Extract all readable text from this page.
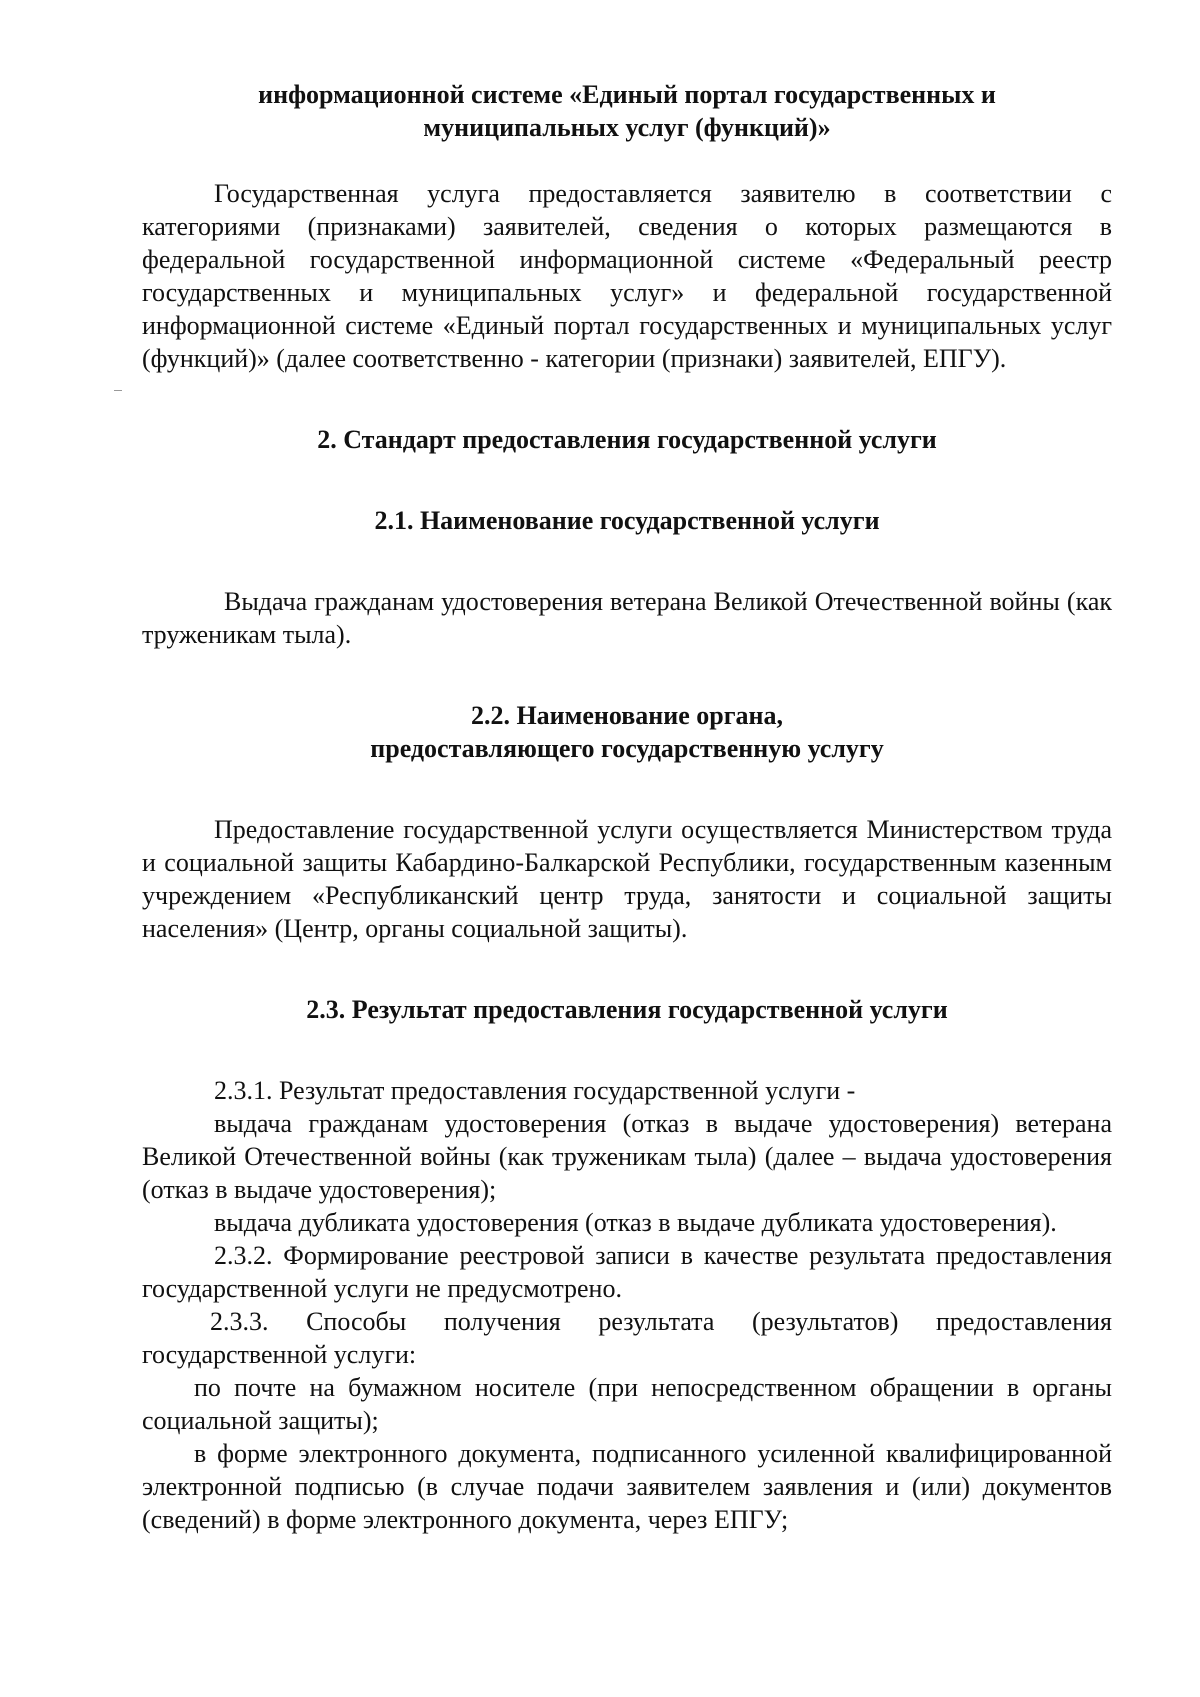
информационной системе «Единый портал государственных и
муниципальных услуг (функций)»

Государственная услуга предоставляется заявителю в соответствии с категориями (признаками) заявителей, сведения о которых размещаются в федеральной государственной информационной системе «Федеральный реестр государственных и муниципальных услуг» и федеральной государственной информационной системе «Единый портал государственных и муниципальных услуг (функций)» (далее соответственно - категории (признаки) заявителей, ЕПГУ).

2. Стандарт предоставления государственной услуги
2.1. Наименование государственной услуги

Выдача гражданам удостоверения ветерана Великой Отечественной войны (как труженикам тыла).

2.2. Наименование органа,
предоставляющего государственную услугу

Предоставление государственной услуги осуществляется Министерством труда и социальной защиты Кабардино-Балкарской Республики, государственным казенным учреждением «Республиканский центр труда, занятости и социальной защиты населения» (Центр, органы социальной защиты).

2.3. Результат предоставления государственной услуги

2.3.1. Результат предоставления государственной услуги -

выдача гражданам удостоверения (отказ в выдаче удостоверения) ветерана Великой Отечественной войны (как труженикам тыла) (далее – выдача удостоверения (отказ в выдаче удостоверения);

выдача дубликата удостоверения (отказ в выдаче дубликата удостоверения).

2.3.2. Формирование реестровой записи в качестве результата предоставления государственной услуги не предусмотрено.

2.3.3. Способы получения результата (результатов) предоставления государственной услуги:

по почте на бумажном носителе (при непосредственном обращении в органы социальной защиты);

в форме электронного документа, подписанного усиленной квалифицированной электронной подписью (в случае подачи заявителем заявления и (или) документов (сведений) в форме электронного документа, через ЕПГУ;
